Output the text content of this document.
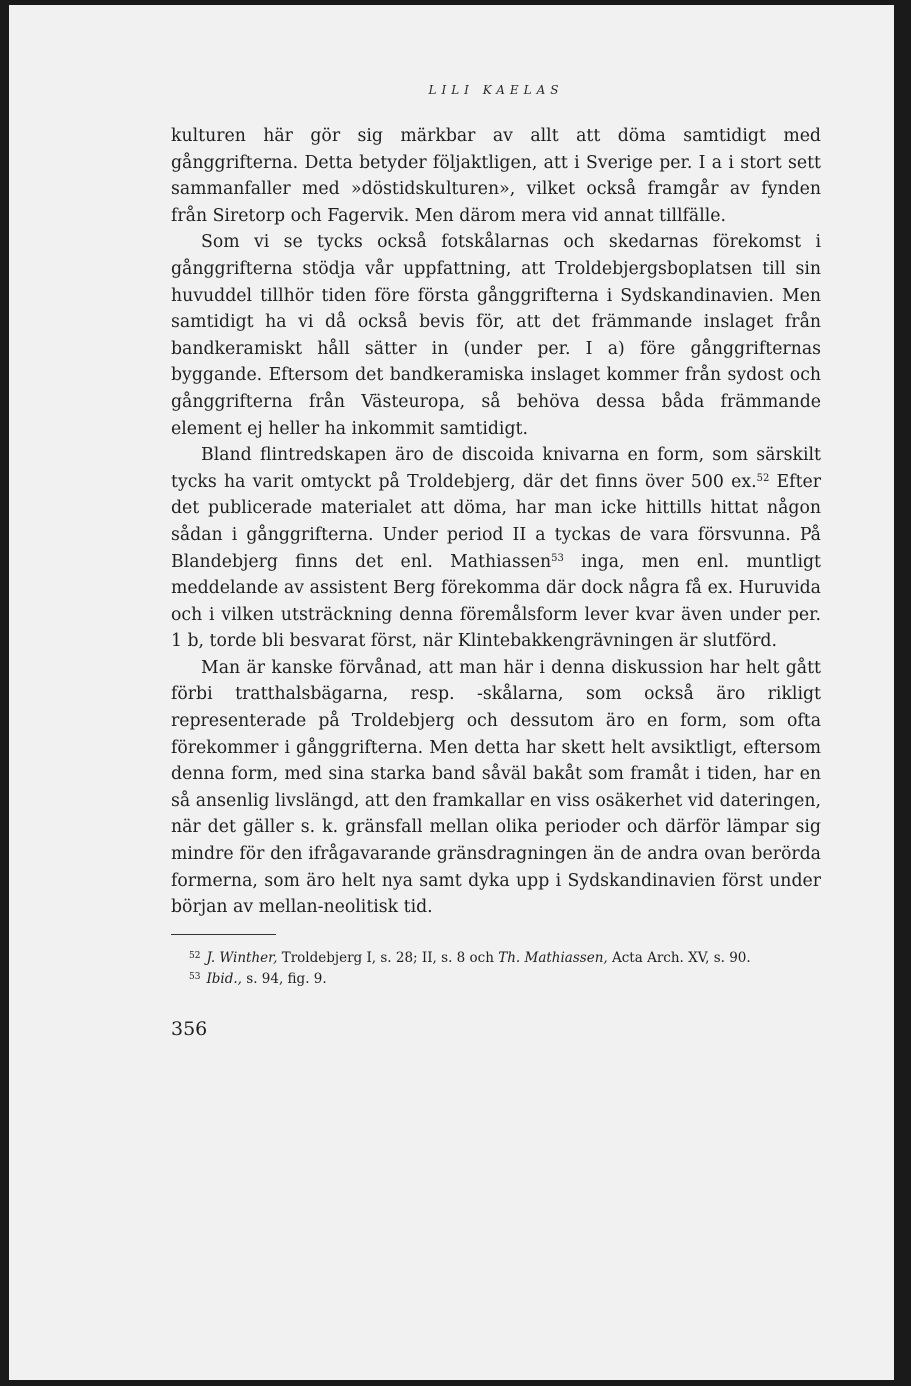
LILI KAELAS

kulturen här gör sig märkbar av allt att döma samtidigt med gånggrifterna. Detta betyder följaktligen, att i Sverige per. I a i stort sett sammanfaller med »döstidskulturen», vilket också framgår av fynden från Siretorp och Fagervik. Men därom mera vid annat tillfälle.

Som vi se tycks också fotskålarnas och skedarnas förekomst i gånggrifterna stödja vår uppfattning, att Troldebjergsboplatsen till sin huvuddel tillhör tiden före första gånggrifterna i Sydskandinavien. Men samtidigt ha vi då också bevis för, att det främmande inslaget från bandkeramiskt håll sätter in (under per. I a) före gånggrifternas byggande. Eftersom det bandkeramiska inslaget kommer från sydost och gånggrifterna från Västeuropa, så behöva dessa båda främmande element ej heller ha inkommit samtidigt.

Bland flintredskapen äro de discoida knivarna en form, som särskilt tycks ha varit omtyckt på Troldebjerg, där det finns över 500 ex.$^{52}$ Efter det publicerade materialet att döma, har man icke hittills hittat någon sådan i gånggrifterna. Under period II a tyckas de vara försvunna. På Blandebjerg finns det enl. Mathiassen$^{53}$ inga, men enl. muntligt meddelande av assistent Berg förekomma där dock några få ex. Huruvida och i vilken utsträckning denna föremålsform lever kvar även under per. 1 b, torde bli besvarat först, när Klintebakkengrävningen är slutförd.

Man är kanske förvånad, att man här i denna diskussion har helt gått förbi tratthalsbägarna, resp. -skålarna, som också äro rikligt representerade på Troldebjerg och dessutom äro en form, som ofta förekommer i gånggrifterna. Men detta har skett helt avsiktligt, eftersom denna form, med sina starka band såväl bakåt som framåt i tiden, har en så ansenlig livslängd, att den framkallar en viss osäkerhet vid dateringen, när det gäller s. k. gränsfall mellan olika perioder och därför lämpar sig mindre för den ifrågavarande gränsdragningen än de andra ovan berörda formerna, som äro helt nya samt dyka upp i Sydskandinavien först under början av mellan-neolitisk tid.

$^{52}$ J. Winther, Troldebjerg I, s. 28; II, s. 8 och Th. Mathiassen, Acta Arch. XV, s. 90.

$^{53}$ Ibid., s. 94, fig. 9.

356
